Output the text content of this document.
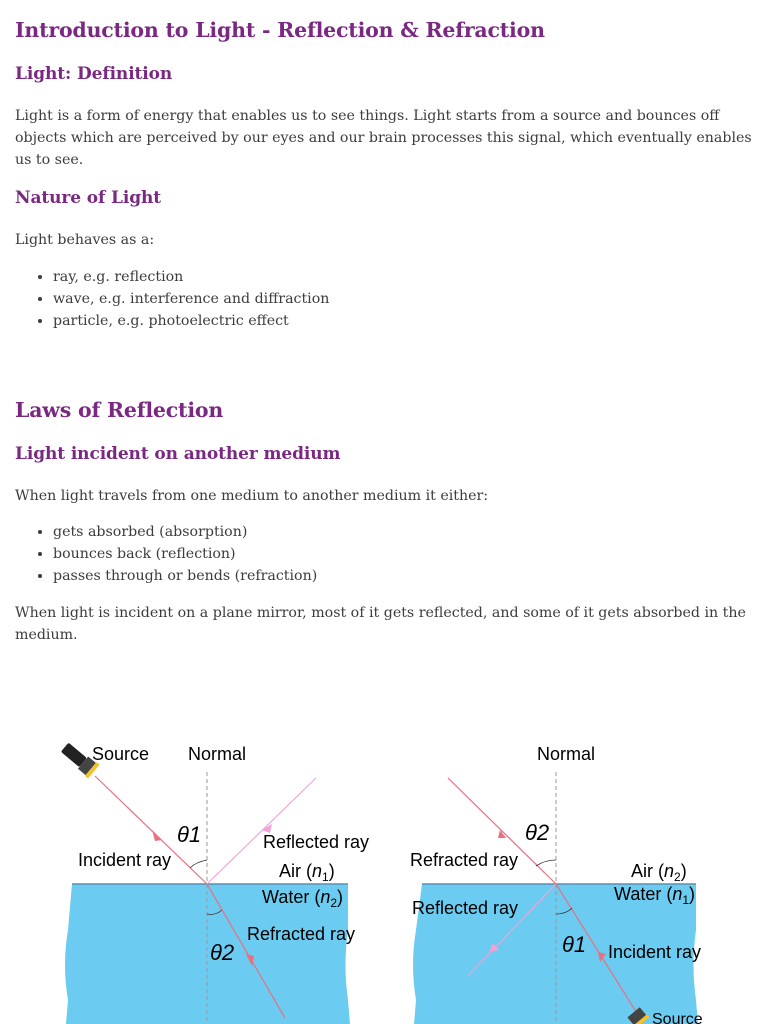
Introduction to Light - Reflection & Refraction
Light: Definition

Light is a form of energy that enables us to see things. Light starts from a source and bounces off objects which are perceived by our eyes and our brain processes this signal, which eventually enables us to see.

Nature of Light

Light behaves as a:

• ray, e.g. reflection
• wave, e.g. interference and diffraction
• particle, e.g. photoelectric effect
Laws of Reflection
Light incident on another medium

When light travels from one medium to another medium it either:

• gets absorbed (absorption)
• bounces back (reflection)
• passes through or bends (refraction)

When light is incident on a plane mirror, most of it gets reflected, and some of it gets absorbed in the medium.

Source Normal
θ1
Incident ray
Reflected ray
Air $(n_1)$
Water $(n_2)$
Refracted ray
θ2
Normal
θ2
Refracted ray
Air $(n_2)$
Water $(n_1)$
Reflected ray
θ1 Incident ray
Source
